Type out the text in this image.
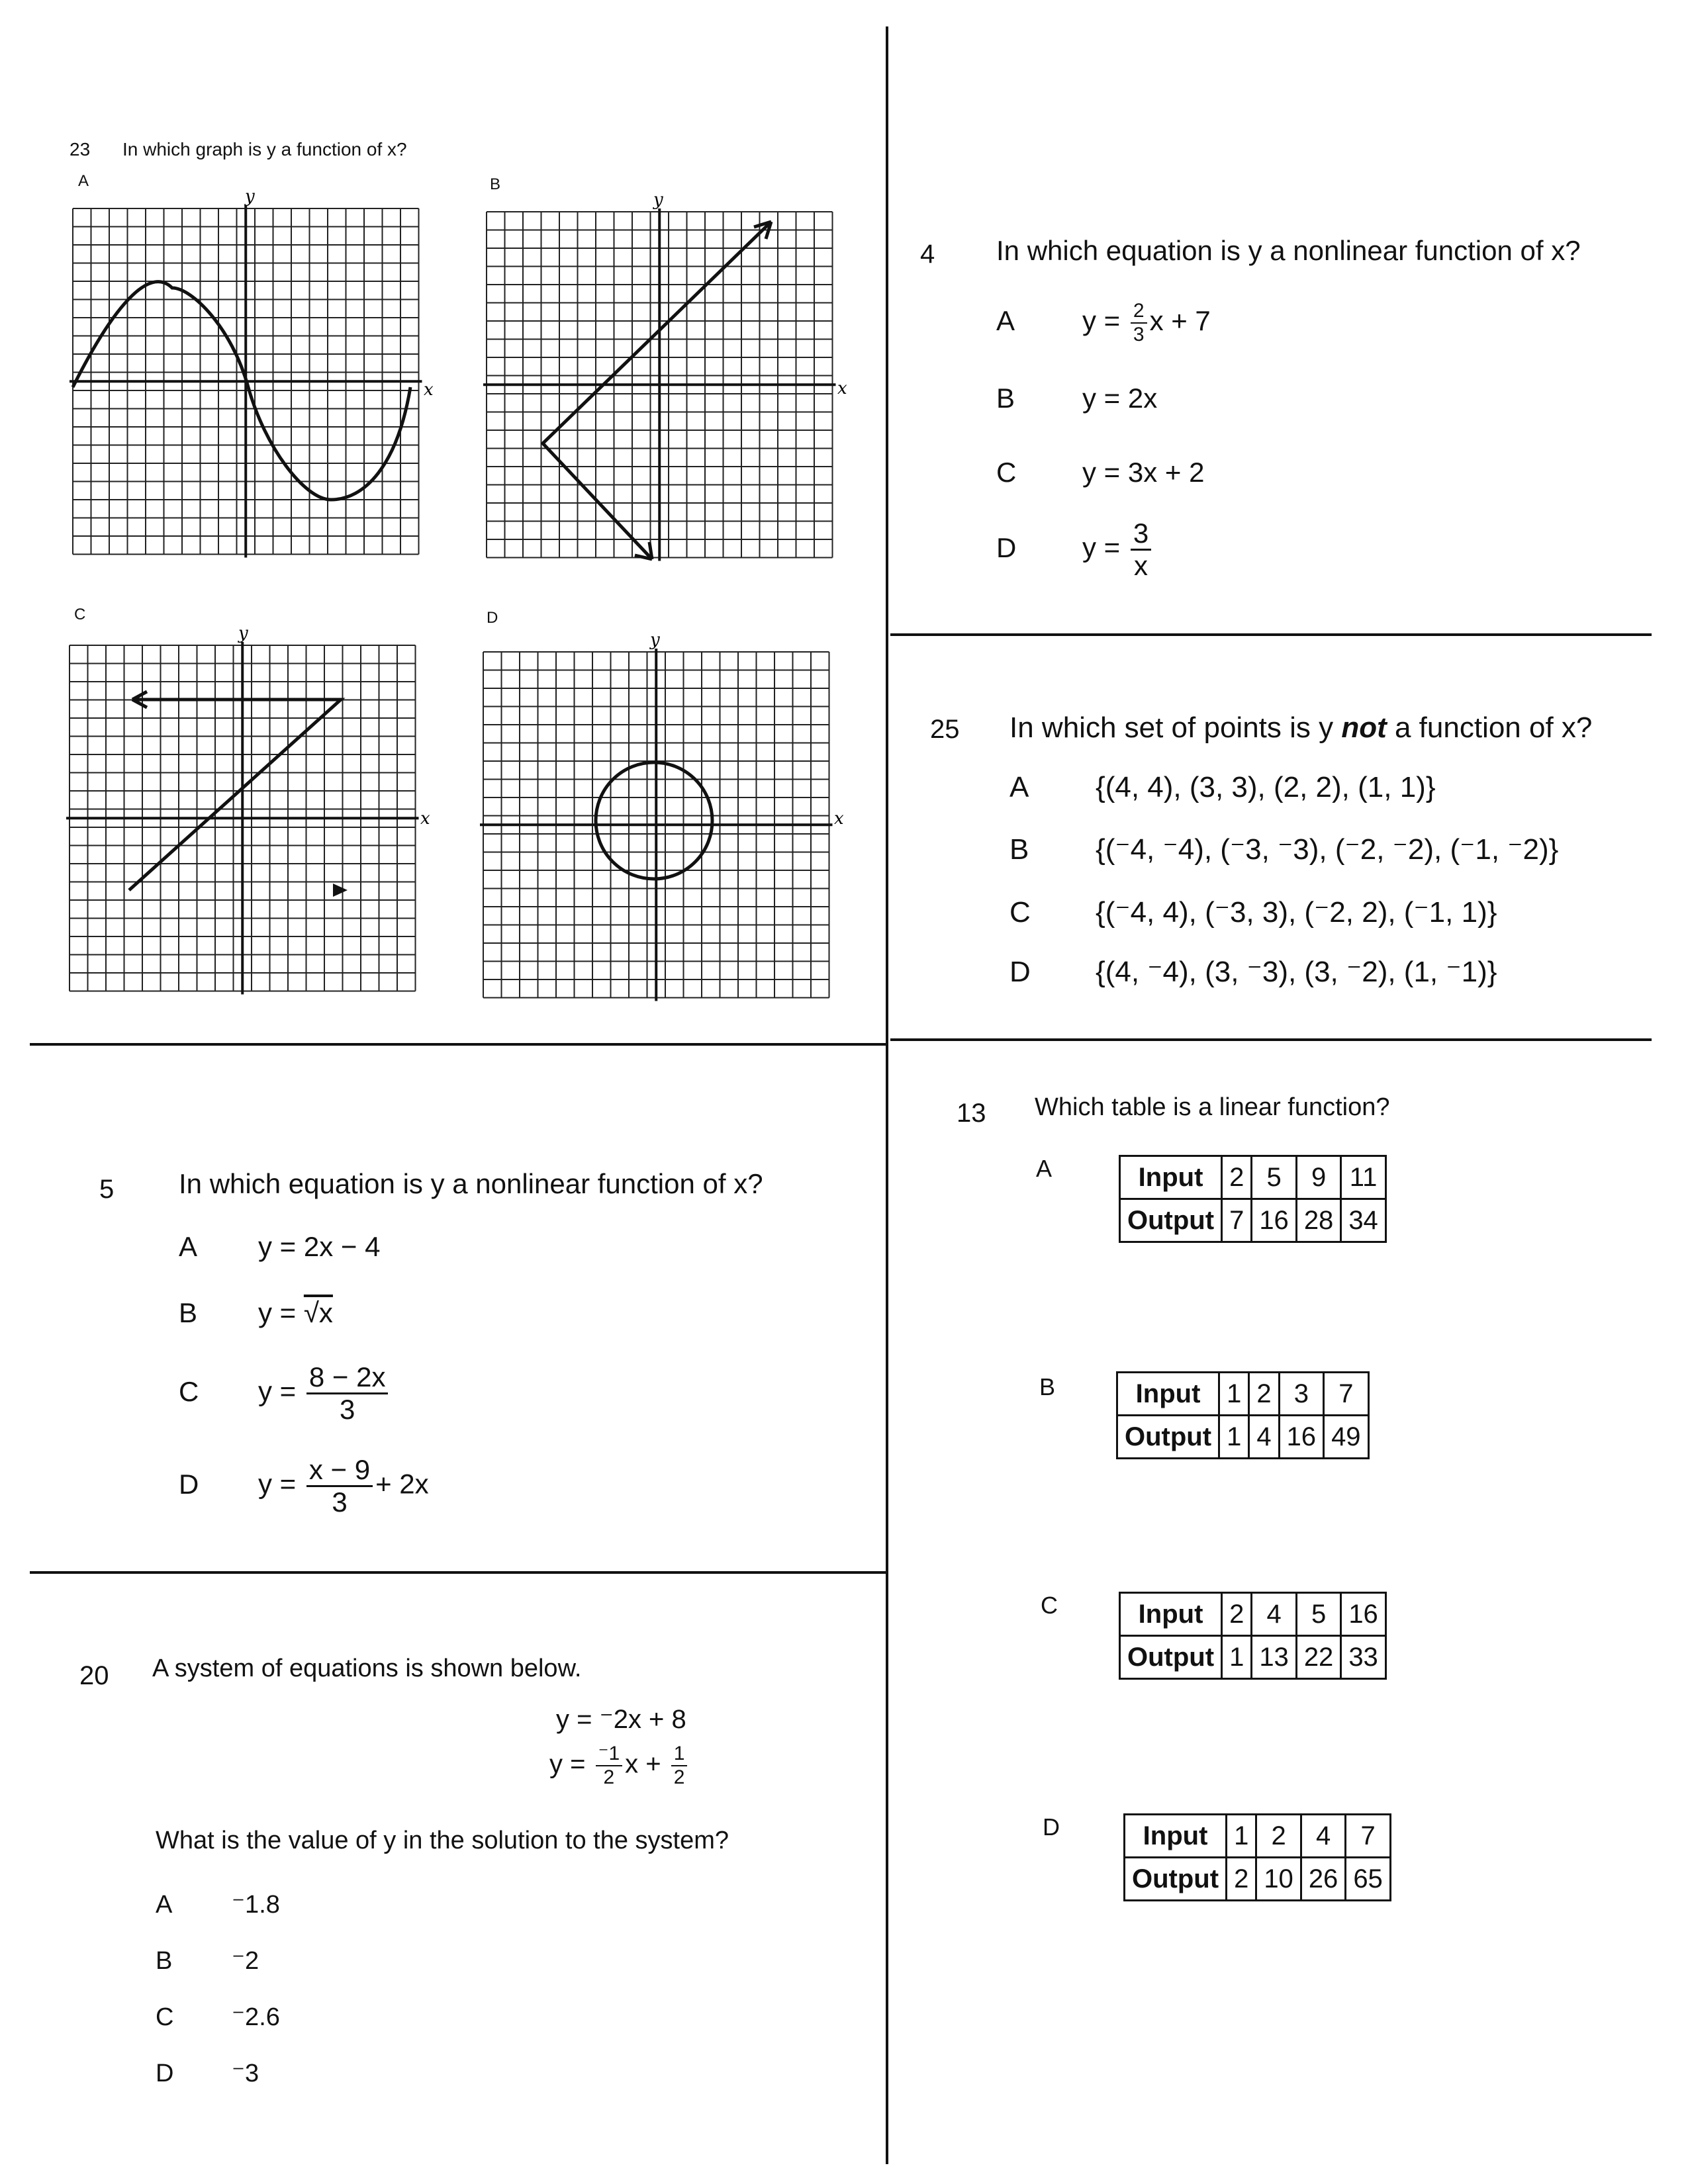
23 In which graph is y a function of x?
A	B
C	D
y
x
y
x
y
x
y
x
4 In which equation is y a nonlinear function of x?
A $y = \frac{2}{3}$ x + 7
B y = 2x
C y = 3x + 2
D $y = \frac{3}{x}$
25 In which set of points is y not a function of x?
A {(4, 4), (3, 3), (2, 2), (1, 1)}
B {(⁻4, ⁻4), (⁻3, ⁻3), (⁻2, ⁻2), (⁻1, ⁻2)}
C {(⁻4, 4), (⁻3, 3), (⁻2, 2), (⁻1, 1)}
D {(4, ⁻4), (3, ⁻3), (3, ⁻2), (1, ⁻1)}
5 In which equation is y a nonlinear function of x?
A y = 2x − 4
B y = √x
C $y = \frac{8 - 2x}{3}$
D $y = \frac{x - 9}{3} + 2x$
20 A system of equations is shown below.
y = ⁻2x + 8
$y = \frac{^-1}{2}$ $x + \frac{1}{2}$
What is the value of y in the solution to the system?
A ⁻1.8
B ⁻2
C ⁻2.6
D ⁻3
13 Which table is a linear function?
A	Input	2	5	9	11
Output	7	16	28	34
B	Input	1	2	3	7
Output	1	4	16	49
C	Input	2	4	5	16
Output	1	13	22	33
D	Input	1	2	4	7
Output	2	10	26	65
